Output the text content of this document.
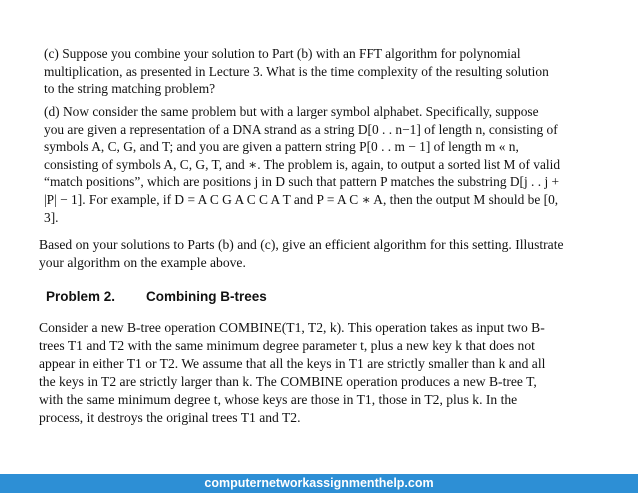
(c) Suppose you combine your solution to Part (b) with an FFT algorithm for polynomial
multiplication, as presented in Lecture 3. What is the time complexity of the resulting solution
to the string matching problem?
(d) Now consider the same problem but with a larger symbol alphabet. Specifically, suppose
you are given a representation of a DNA strand as a string D[0 . . n−1] of length n, consisting of
symbols A, C, G, and T; and you are given a pattern string P[0 . . m − 1] of length m « n,
consisting of symbols A, C, G, T, and ∗. The problem is, again, to output a sorted list M of valid
“match positions”, which are positions j in D such that pattern P matches the substring D[j . . j +
|P| − 1]. For example, if D = A C G A C C A T and P = A C ∗ A, then the output M should be [0,
3].
Based on your solutions to Parts (b) and (c), give an efficient algorithm for this setting. Illustrate
your algorithm on the example above.
Problem 2. Combining B-trees
Consider a new B-tree operation COMBINE(T1, T2, k). This operation takes as input two B-
trees T1 and T2 with the same minimum degree parameter t, plus a new key k that does not
appear in either T1 or T2. We assume that all the keys in T1 are strictly smaller than k and all
the keys in T2 are strictly larger than k. The COMBINE operation produces a new B-tree T,
with the same minimum degree t, whose keys are those in T1, those in T2, plus k. In the
process, it destroys the original trees T1 and T2.
computernetworkassignmenthelp.com
